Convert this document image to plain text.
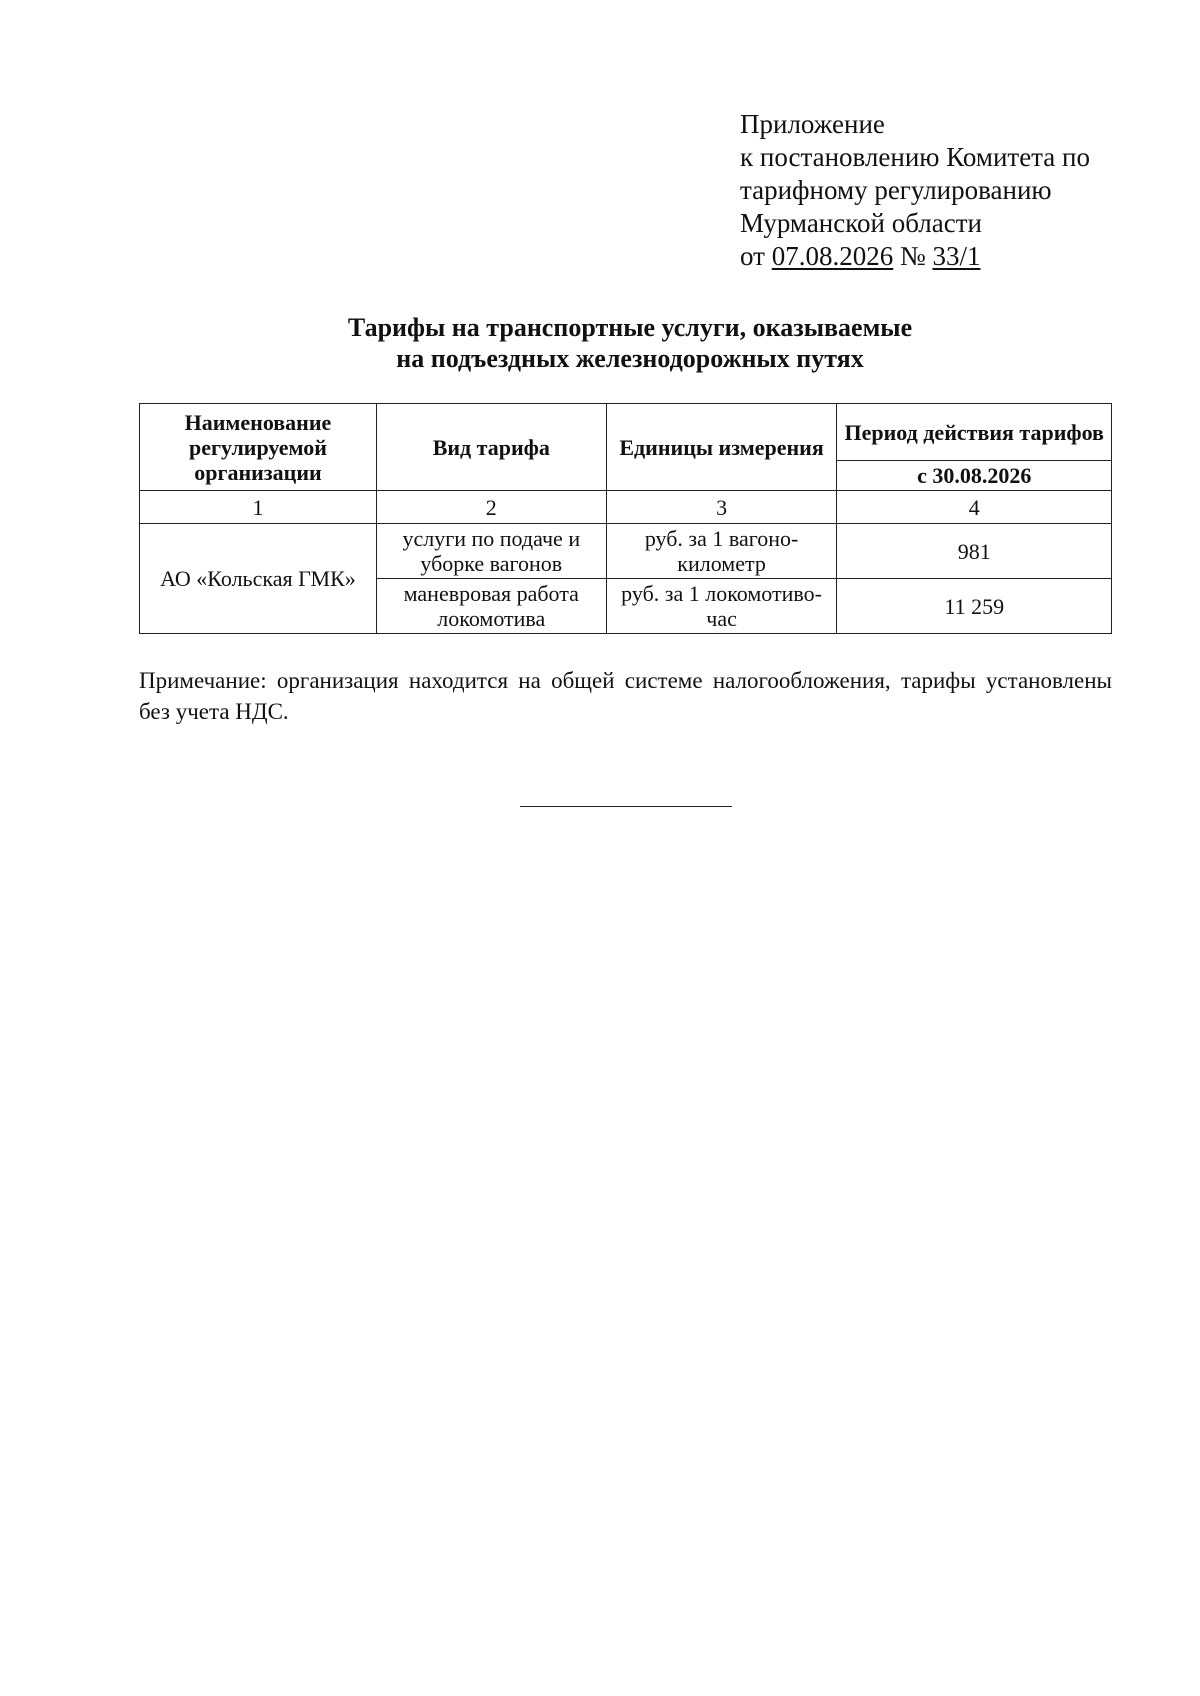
Приложение
к постановлению Комитета по
тарифному регулированию
Мурманской области
от 07.08.2026 № 33/1
Тарифы на транспортные услуги, оказываемые
на подъездных железнодорожных путях
Наименование регулируемой организации	Вид тарифа	Единицы измерения	Период действия тарифов
			с 30.08.2026
1	2	3	4
АО «Кольская ГМК»	услуги по подаче и уборке вагонов	руб. за 1 вагоно-километр	981
	маневровая работа локомотива	руб. за 1 локомотиво-час	11 259
Примечание: организация находится на общей системе налогообложения, тарифы установлены без учета НДС.
